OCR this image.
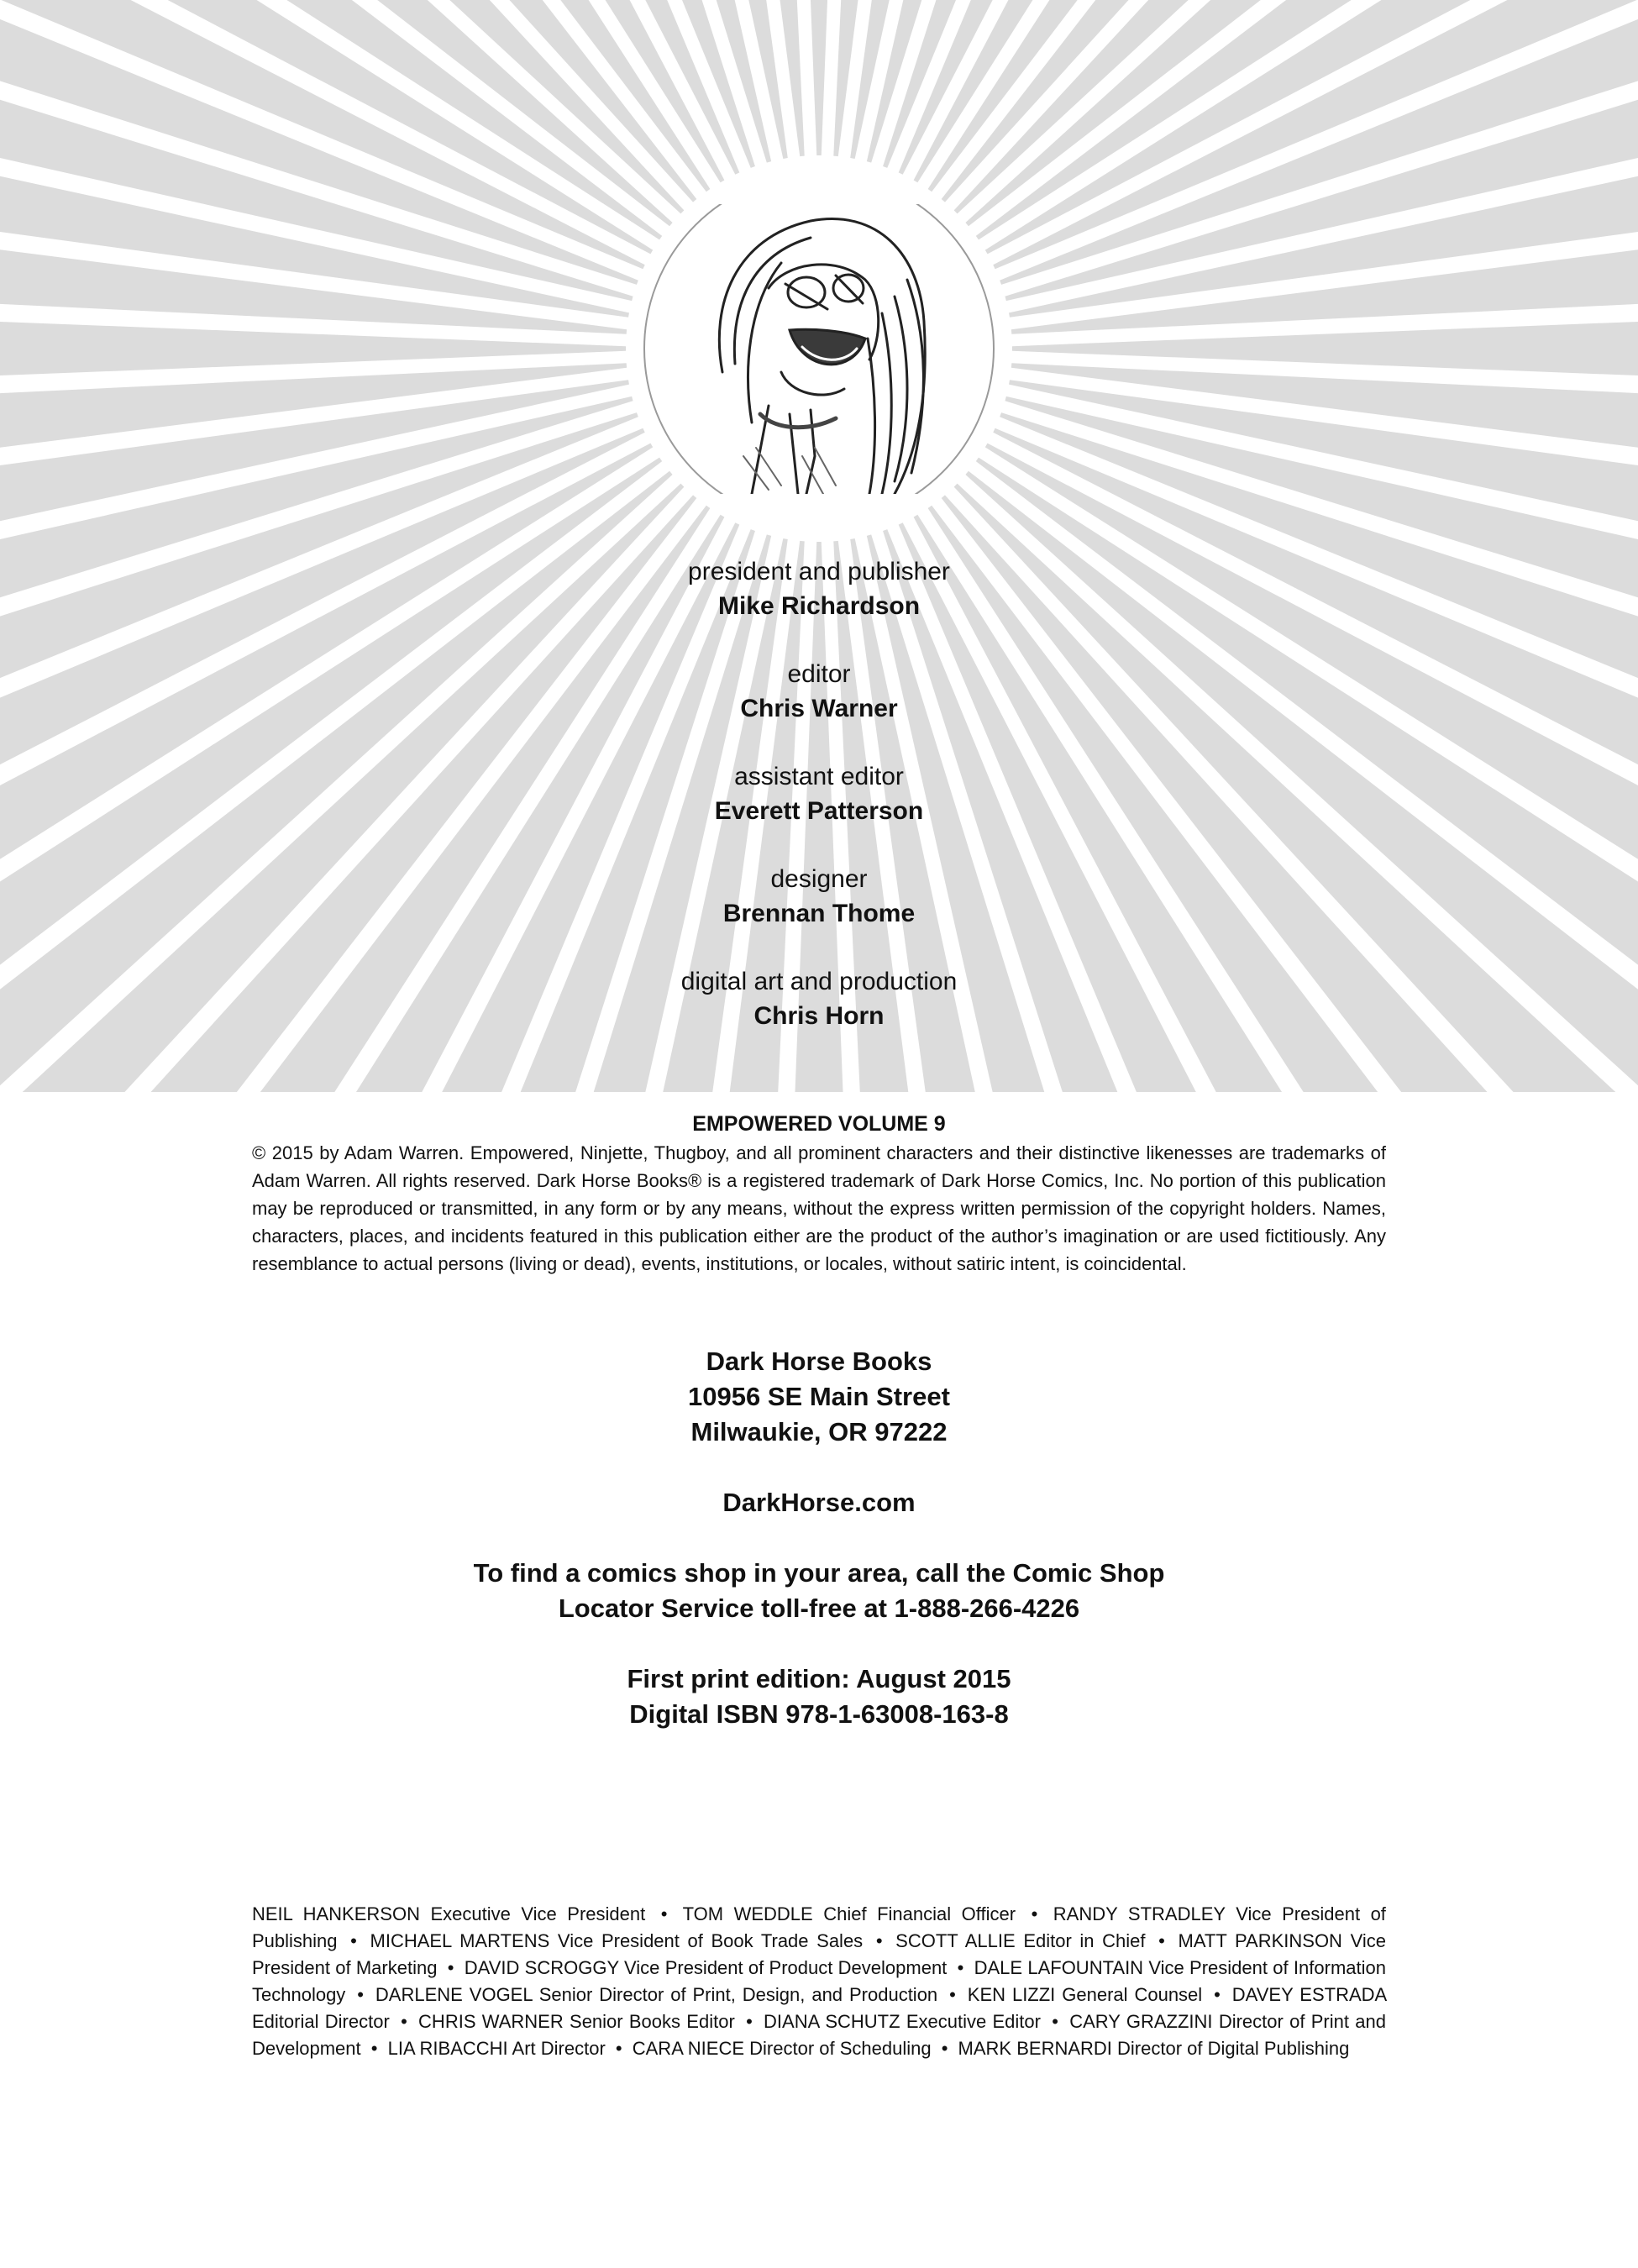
president and publisher
Mike Richardson
editor
Chris Warner
assistant editor
Everett Patterson
designer
Brennan Thome
digital art and production
Chris Horn
EMPOWERED VOLUME 9

© 2015 by Adam Warren. Empowered, Ninjette, Thugboy, and all prominent characters and their distinctive likenesses are trademarks of Adam Warren. All rights reserved. Dark Horse Books® is a registered trademark of Dark Horse Comics, Inc. No portion of this publication may be reproduced or transmitted, in any form or by any means, without the express written permission of the copyright holders. Names, characters, places, and incidents featured in this publication either are the product of the author’s imagination or are used fictitiously. Any resemblance to actual persons (living or dead), events, institutions, or locales, without satiric intent, is coincidental.

Dark Horse Books
10956 SE Main Street
Milwaukie, OR 97222
DarkHorse.com
To find a comics shop in your area, call the Comic Shop
Locator Service toll-free at 1-888-266-4226
First print edition: August 2015
Digital ISBN 978-1-63008-163-8

NEIL HANKERSON Executive Vice President • TOM WEDDLE Chief Financial Officer • RANDY STRADLEY Vice President of Publishing • MICHAEL MARTENS Vice President of Book Trade Sales • SCOTT ALLIE Editor in Chief • MATT PARKINSON Vice President of Marketing • DAVID SCROGGY Vice President of Product Development • DALE LAFOUNTAIN Vice President of Information Technology • DARLENE VOGEL Senior Director of Print, Design, and Production • KEN LIZZI General Counsel • DAVEY ESTRADA Editorial Director • CHRIS WARNER Senior Books Editor • DIANA SCHUTZ Executive Editor • CARY GRAZZINI Director of Print and Development • LIA RIBACCHI Art Director • CARA NIECE Director of Scheduling • MARK BERNARDI Director of Digital Publishing
